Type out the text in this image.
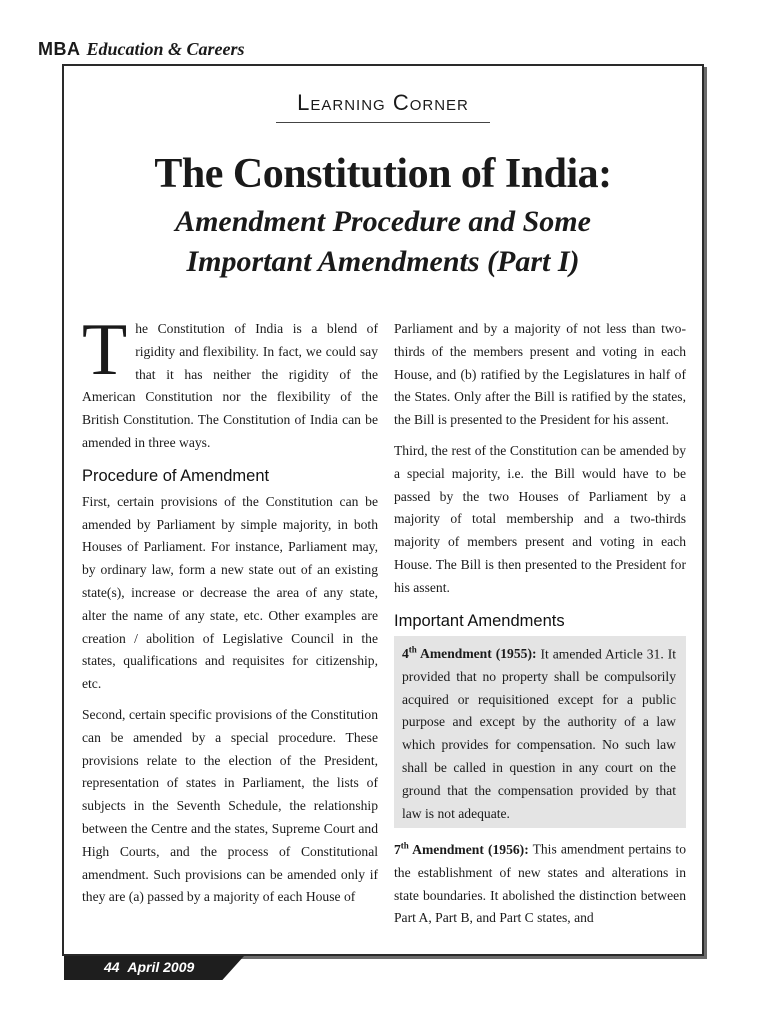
MBA Education & Careers
Learning Corner
The Constitution of India:
Amendment Procedure and Some
Important Amendments (Part I)

The Constitution of India is a blend of rigidity and flexibility. In fact, we could say that it has neither the rigidity of the American Constitution nor the flexibility of the British Constitution. The Constitution of India can be amended in three ways.

Procedure of Amendment

First, certain provisions of the Constitution can be amended by Parliament by simple majority, in both Houses of Parliament. For instance, Parliament may, by ordinary law, form a new state out of an existing state(s), increase or decrease the area of any state, alter the name of any state, etc. Other examples are creation / abolition of Legislative Council in the states, qualifications and requisites for citizenship, etc.

Second, certain specific provisions of the Constitution can be amended by a special procedure. These provisions relate to the election of the President, representation of states in Parliament, the lists of subjects in the Seventh Schedule, the relationship between the Centre and the states, Supreme Court and High Courts, and the process of Constitutional amendment. Such provisions can be amended only if they are (a) passed by a majority of each House of

Parliament and by a majority of not less than two-thirds of the members present and voting in each House, and (b) ratified by the Legislatures in half of the States. Only after the Bill is ratified by the states, the Bill is presented to the President for his assent.

Third, the rest of the Constitution can be amended by a special majority, i.e. the Bill would have to be passed by the two Houses of Parliament by a majority of total membership and a two-thirds majority of members present and voting in each House. The Bill is then presented to the President for his assent.

Important Amendments

4th Amendment (1955): It amended Article 31. It provided that no property shall be compulsorily acquired or requisitioned except for a public purpose and except by the authority of a law which provides for compensation. No such law shall be called in question in any court on the ground that the compensation provided by that law is not adequate.

7th Amendment (1956): This amendment pertains to the establishment of new states and alterations in state boundaries. It abolished the distinction between Part A, Part B, and Part C states, and

44 April 2009
